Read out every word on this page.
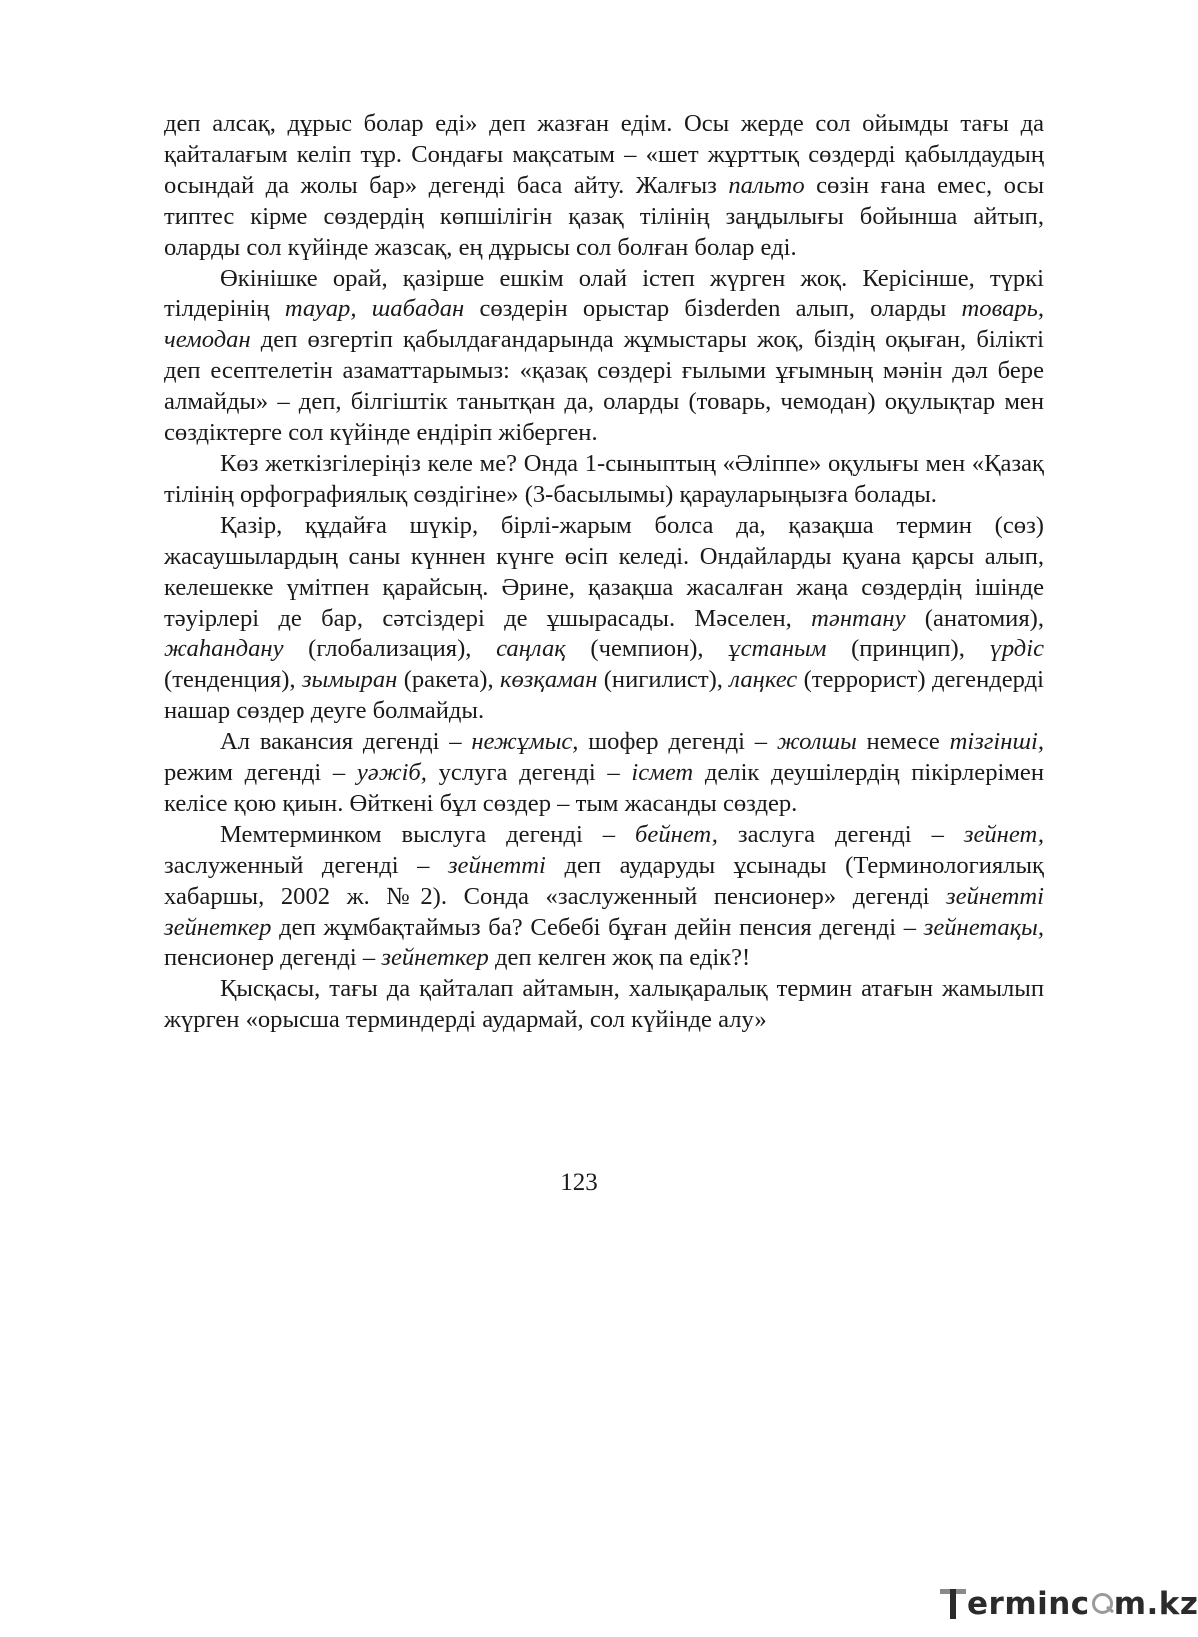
деп алсақ, дұрыс болар еді» деп жазған едім. Осы жерде сол ойымды тағы да қайталағым келіп тұр. Сондағы мақсатым – «шет жұрттық сөздерді қабылдаудың осындай да жолы бар» дегенді баса айту. Жалғыз пальто сөзін ғана емес, осы типтес кірме сөздердің көпшілігін қазақ тілінің заңдылығы бойынша айтып, оларды сол күйінде жазсақ, ең дұрысы сол болған болар еді.

Өкінішке орай, қазірше ешкім олай істеп жүрген жоқ. Керісінше, түркі тілдерінің тауар, шабадан сөздерін орыстар бізderden алып, оларды товарь, чемодан деп өзгертіп қабылдағандарында жұмыстары жоқ, біздің оқыған, білікті деп есептелетін азаматтарымыз: «қазақ сөздері ғылыми ұғымның мәнін дәл бере алмайды» – деп, білгіштік танытқан да, оларды (товарь, чемодан) оқулықтар мен сөздіктерге сол күйінде ендіріп жіберген.

Көз жеткізгілеріңіз келе ме? Онда 1-сыныптың «Әліппе» оқулығы мен «Қазақ тілінің орфографиялық сөздігіне» (3-басылымы) қарауларыңызға болады.

Қазір, құдайға шүкір, бірлі-жарым болса да, қазақша термин (сөз) жасаушылардың саны күннен күнге өсіп келеді. Ондайларды қуана қарсы алып, келешекке үмітпен қарайсың. Әрине, қазақша жасалған жаңа сөздердің ішінде тәуірлері де бар, сәтсіздері де ұшырасады. Мәселен, тәнтану (анатомия), жаһандану (глобализация), саңлақ (чемпион), ұстаным (принцип), үрдіс (тенденция), зымыран (ракета), көзқаман (нигилист), лаңкес (террорист) дегендерді нашар сөздер деуге болмайды.

Ал вакансия дегенді – нежұмыс, шофер дегенді – жолшы немесе тізгінші, режим дегенді – уәжіб, услуга дегенді – ісмет делік деушілердің пікірлерімен келісе қою қиын. Өйткені бұл сөздер – тым жасанды сөздер.

Мемтерминком выслуга дегенді – бейнет, заслуга дегенді – зейнет, заслуженный дегенді – зейнетті деп аударуды ұсынады (Терминологиялық хабаршы, 2002 ж. №2). Сонда «заслуженный пенсионер» дегенді зейнетті зейнеткер деп жұмбақтаймыз ба? Себебі бұған дейін пенсия дегенді – зейнетақы, пенсионер дегенді – зейнеткер деп келген жоқ па едік?!

Қысқасы, тағы да қайталап айтамын, халықаралық термин атағын жамылып жүрген «орысша терминдерді аудармай, сол күйінде алу»

123
erminc m.kz
